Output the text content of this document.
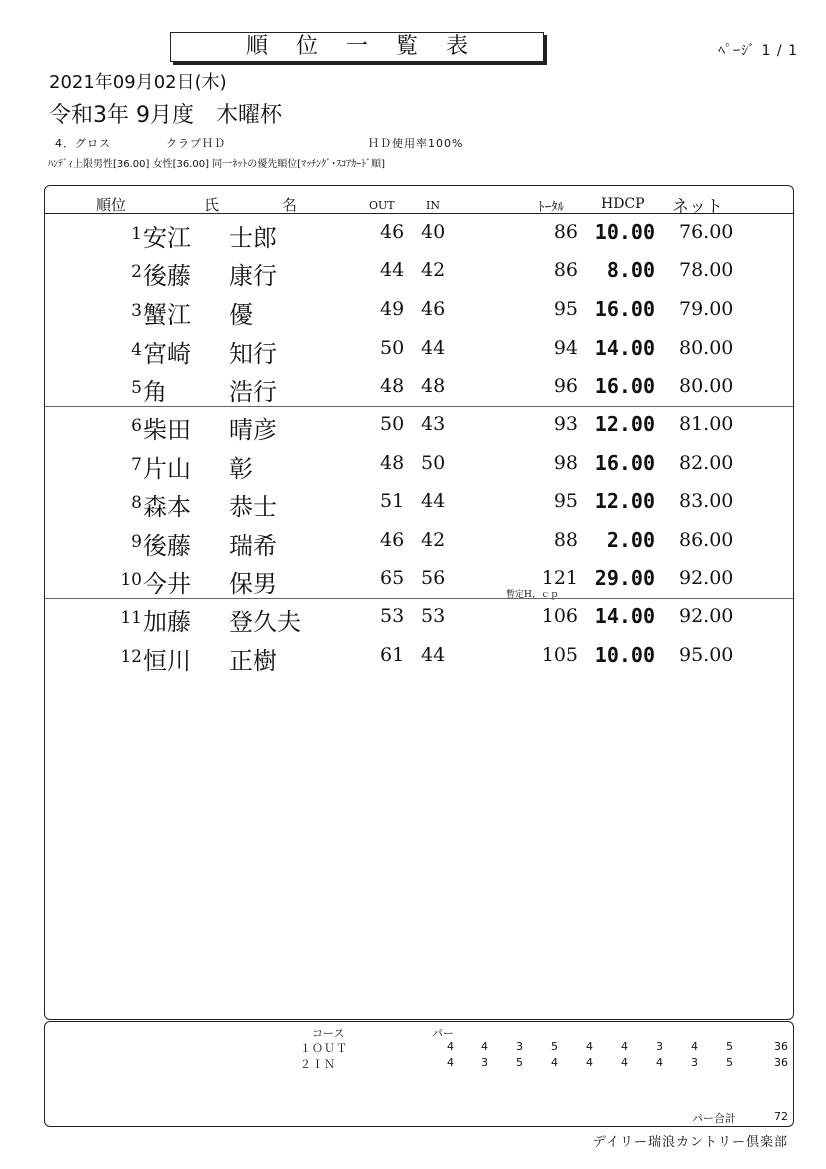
順位一覧表	ﾍﾟｰｼﾞ 1 / 1
2021年09月02日(木)
令和3年 9月度　木曜杯
4．グロス	クラブＨＤ	ＨＤ使用率100%
ﾊﾝﾃﾞｨ上限男性[36.00] 女性[36.00] 同一ﾈｯﾄの優先順位[ﾏｯﾁﾝｸﾞ･ｽｺｱｶｰﾄﾞ順]
順位	氏	名	OUT	IN	ﾄｰﾀﾙ	HDCP ネット
1 安江 士郎	46 40	86 10.00 76.00
2 後藤 康行	44 42	86	8.00 78.00
3 蟹江 優	49 46	95 16.00 79.00
4 宮崎 知行	50 44	94 14.00 80.00
5 角	浩行	48 48	96 16.00 80.00
6 柴田 晴彦	50 43	93 12.00 81.00
7 片山 彰	48 50	98 16.00 82.00
8 森本 恭士	51 44	95 12.00 83.00
9 後藤 瑞希	46 42	88	2.00 86.00
10 今井 保男	65 56	121 29.00 92.00
暫定H，ｃｐ
11 加藤 登久夫	53 53	106 14.00 92.00
12 恒川 正樹	61 44	105 10.00 95.00
コース	パー
１ＯＵＴ	4	4	3	5	4	4	3	4	5	36
２ＩＮ	4	3	5	4	4	4	4	3	5	36
パー合計	72
デイリー瑞浪カントリー倶楽部
